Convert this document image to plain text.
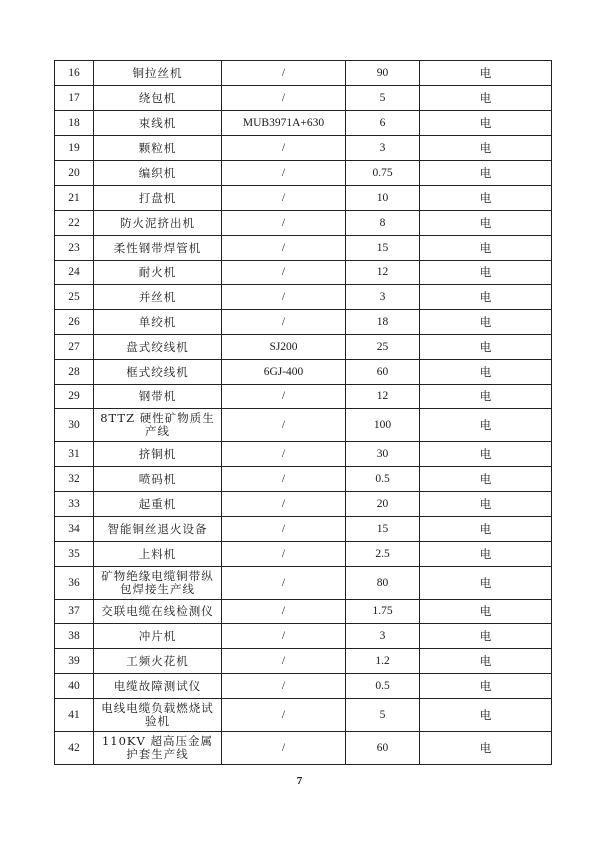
16	铜拉丝机	/	90	电
17	绕包机	/	5	电
18	束线机	MUB3971A+630	6	电
19	颗粒机	/	3	电
20	编织机	/	0.75	电
21	打盘机	/	10	电
22	防火泥挤出机	/	8	电
23	柔性钢带焊管机	/	15	电
24	耐火机	/	12	电
25	并丝机	/	3	电
26	单绞机	/	18	电
27	盘式绞线机	SJ200	25	电
28	框式绞线机	6GJ-400	60	电
29	钢带机	/	12	电
30	8TTZ 硬性矿物质生产线	/	100	电
31	挤铜机	/	30	电
32	喷码机	/	0.5	电
33	起重机	/	20	电
34	智能铜丝退火设备	/	15	电
35	上料机	/	2.5	电
36	矿物绝缘电缆铜带纵包焊接生产线	/	80	电
37	交联电缆在线检测仪	/	1.75	电
38	冲片机	/	3	电
39	工频火花机	/	1.2	电
40	电缆故障测试仪	/	0.5	电
41	电线电缆负载燃烧试验机	/	5	电
42	110KV 超高压金属护套生产线	/	60	电
7
